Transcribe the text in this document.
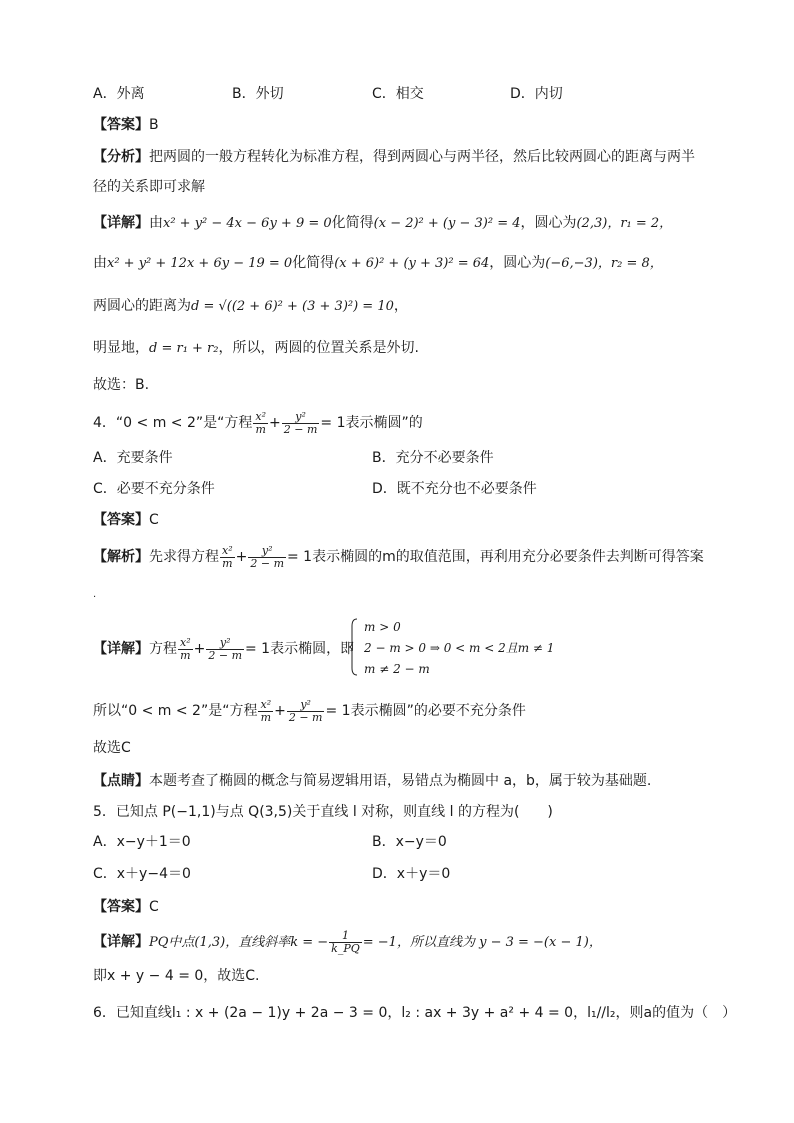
A．外离	B．外切	C．相交	D．内切
【答案】B
【分析】把两圆的一般方程转化为标准方程，得到两圆心与两半径，然后比较两圆心的距离与两半
径的关系即可求解
【详解】由x² + y² − 4x − 6y + 9 = 0化简得(x − 2)² + (y − 3)² = 4，圆心为(2,3)，r₁ = 2，
由x² + y² + 12x + 6y − 19 = 0化简得(x + 6)² + (y + 3)² = 64，圆心为(−6,−3)，r₂ = 8，
两圆心的距离为d = √((2 + 6)² + (3 + 3)²) = 10，
明显地，d = r₁ + r₂，所以，两圆的位置关系是外切.
故选：B.
4．“0 < m < 2”是“方程 $\frac{\text{x²}}{m} + \frac{\text{y²}}{2 - m} = 1$表示椭圆”的
A．充要条件	B．充分不必要条件
C．必要不充分条件	D．既不充分也不必要条件
【答案】C
【解析】先求得方程 $\frac{\text{x²}}{m} + \frac{\text{y²}}{2 - m} = 1$表示椭圆的m的取值范围，再利用充分必要条件去判断可得答案
.
【详解】方程 $\frac{\text{x²}}{m} + \frac{\text{y²}}{2 - m} = 1$表示椭圆，即
m > 0
2 − m > 0 ⇒ 0 < m < 2且m ≠ 1
m ≠ 2 − m
所以“0 < m < 2”是“方程 $\frac{\text{x²}}{m} + \frac{\text{y²}}{2 - m} = 1$表示椭圆”的必要不充分条件
故选C
【点睛】本题考查了椭圆的概念与简易逻辑用语，易错点为椭圆中 a，b，属于较为基础题.
5．已知点 P(−1,1)与点 Q(3,5)关于直线 l 对称，则直线 l 的方程为(　　)
A．x−y＋1＝0	B．x−y＝0
C．x＋y−4＝0	D．x＋y＝0
【答案】C
【详解】PQ中点(1,3)，直线斜率k = − $\frac{1}{k\_PQ} = -1$，所以直线为 y − 3 = −(x − 1)，
即x + y − 4 = 0，故选C.
6．已知直线l₁ : x + (2a − 1)y + 2a − 3 = 0，l₂ : ax + 3y + a² + 4 = 0，l₁//l₂，则a的值为（　）
